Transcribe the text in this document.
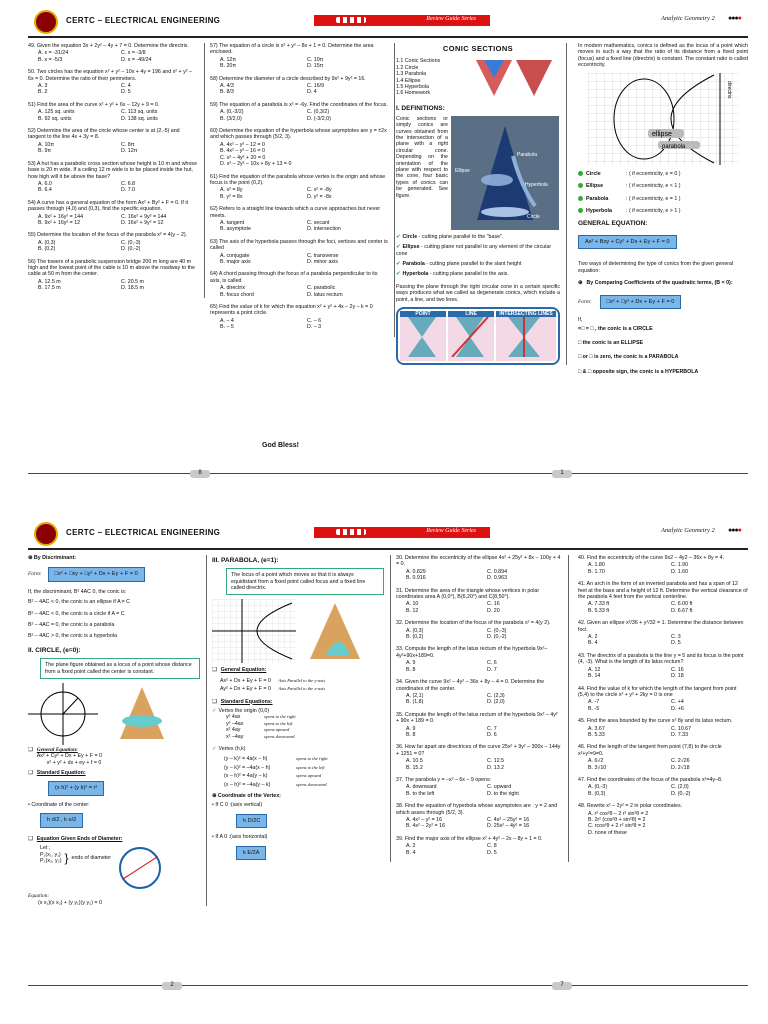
CERTC – ELECTRICAL ENGINEERING	Review Guide Series	Analytic Geometry 2 ●●●●
49. Given the equation 3x + 2y² – 4y + 7 = 0. Determine the directrix.
A. x = -31/24	C. x = -3/8
B. x = -5/3	D. x = -49/24
50. Two circles has the equation x² + y² – 10x + 4y = 196 and x² + y² – 6x = 0. Determine the ratio of their perimeters.
A. 3	C. 4
B. 2	D. 5
51) Find the area of the curve x² + y² + 6x – 12y + 9 = 0.
A. 125 sq. units	C. 113 sq. units
B. 92 sq. units	D. 138 sq. units
52) Determine the area of the circle whose center is at (2,-5) and tangent to the line 4x + 3y = 8.
A. 10π	C. 8π
B. 9π	D. 12π
53) A hut has a parabolic cross section whose height is 10 m and whose base is 20 m wide. If a ceiling 12 m wide is to be placed inside the hut, how high will it be above the base?
A. 6.0	C. 6.8
B. 6.4	D. 7.0
54) A curve has a general equation of the form Ax² + By² + F = 0. If it passes through (4,0) and (0,3), find the specific equation.
A. 9x² + 16y² = 144	C. 16x² + 9y² = 144
B. 9x² + 16y² = 12	D. 16x² + 9y² = 12
55) Determine the location of the focus of the parabola x² = 4(y – 2).
A. (0,3)	C. (0,-3)
B. (0,2)	D. (0,-2)
56) The towers of a parabolic suspension bridge 200 m long are 40 m high and the lowest point of the cable is 10 m above the roadway to the cable at 50 m from the center.
A. 12.5 m	C. 20.5 m
B. 17.5 m	D. 18.5 m
57) The equation of a circle is x² + y² – 8x + 1 = 0. Determine the area enclosed.
A. 12π	C. 10π
B. 20π	D. 15π
58) Determine the diameter of a circle described by 9x² + 9y² = 16.
A. 4/3	C. 16/9
B. 8/3	D. 4
59) The equation of a parabola is x² = -6y. Find the coordinates of the focus.
A. (0,-3/2)	C. (0,3/2)
B. (3/2,0)	D. (-3/2,0)
60) Determine the equation of the hyperbola whose asymptotes are y = ±2x and which passes through (5/2, 3).
A. 4x² – y² – 12 = 0
B. 4x² – y² – 16 = 0
C. x² – 4y² + 20 = 0
D. x² – 2y² – 10x + 8y + 13 = 0
61) Find the equation of the parabola whose vertex is the origin and whose focus is the point (0,2).
A. x² = 8y	C. x² = -8y
B. y² = 8x	D. y² = -8x
62) Refers to a straight line towards which a curve approaches but never meets.
A. tangent	C. secant
B. asymptote	D. intersection
63) The axis of the hyperbola passes through the foci, vertices and center is called
A. conjugate	C. transverse
B. major axis	D. minor axis
64) A chord passing through the focus of a parabola perpendicular to its axis, is called
A. directrix	C. parabolic
B. focus chord	D. latus rectum
65) Find the value of k for which the equation x² + y² + 4x – 2y – k = 0 represents a point circle.
A. – 4	C. – 6
B. – 5	D. – 3
God Bless!
CONIC SECTIONS
1.1 Conic Sections
1.2 Circle
1.3 Parabola
1.4 Ellipse
1.5 Hyperbola
1.6 Homework
I. DEFINITIONS:
Conic sections or simply conics are curves obtained from the intersection of a plane with a right circular cone. Depending on the orientation of the plane with respect to the cone, four basic types of conics can be generated. See figure.
Ellipse
Parabola
Circle
Hyperbola
✔ Circle - cutting plane parallel to the "base".
✔ Ellipse - cutting plane not parallel to any element of the circular cone
✔ Parabola - cutting plane parallel to the slant height
✔ Hyperbola - cutting plane parallel to the axis.
Passing the plane through the right circular cone in a certain specific ways produces what we called as degenerate conics, which include a point, a line, and two lines.
POINT	LINE	INTERSECTING LINES
In modern mathematics, conics is defined as the locus of a point which moves in such a way that the ratio of its distance from a fixed point (focus) and a fixed line (directrix) is constant. The constant ratio is called eccentricity.
ellipse
parabola
directrix
Circle	: ( if eccentricity, e = 0 )
Ellipse	: ( if eccentricity, e < 1 )
Parabola	: ( if eccentricity, e = 1 )
Hyperbola	: ( if eccentricity, e > 1 )
GENERAL EQUATION:
Ax² + Bxy + Cy² + Dx + Ey + F = 0
Two ways of determining the type of conics from the given general equation:
⊕ By Comparing Coefficients of the quadratic terms, (B = 0):
Form:	□x² + □y² + Dx + Ey + F = 0
If,
=□ = □ , the conic is a CIRCLE
□ the conic is an ELLIPSE
□ or □ is zero, the conic is a PARABOLA
□ & □ opposite sign, the conic is a HYPERBOLA
8	1
CERTC – ELECTRICAL ENGINEERING	Review Guide Series	Analytic Geometry 2 ●●●●
⊕ By Discriminant:
Form: □x² + □xy + □y² + Dx + Ey + F = 0
If, the discriminant, B² 4AC 0, the conic is:
B² – 4AC < 0, the conic is an ellipse if A ≠ C
B² – 4AC < 0, the conic is a circle if A = C
B² – 4AC = 0, the conic is a parabola
B² – 4AC > 0, the conic is a hyperbola
II. CIRCLE, (e=0):
The plane figure obtained as a locus of a point whose distance from a fixed point called the center is constant.
❑ General Equation:
Ax² + Cy² + Dx + Ey + F = 0
x² + y² + dx + ey + f = 0
❑ Standard Equation:
(x h)² + (y k)² = r²
• Coordinate of the center:
h d/2 , k e/2
❑ Equation Given Ends of Diameter:
Let ;
P₁(x₁, y₁)
P₂(x₂, y₂) } ends of diameter
Equation:
(x x₁)(x x₂) + (y y₁)(y y₂) = 0
III. PARABOLA, (e=1):
The locus of a point which moves so that it is always equidistant from a fixed point called focus and a fixed line called directrix.
❑ General Equation:
Ax² + Dx + Ey + F = 0 Axis Parallel to the y-axis
Ay² + Dx + Ey + F = 0 Axis Parallel to the x-axis
❑ Standard Equations:
✓ Vertex the origin (0,0)
y² 4ax	opens to the right
y² –4ax	opens to the left
x² 4ay	opens upward
x² –4ay	opens downward
✓ Vertex (h,k)
(y – k)² = 4a(x – h)	opens to the right
(y – k)² = –4a(x – h)	opens to the left
(x – h)² = 4a(y – k)	opens upward
(x – h)² = –4a(y – k)	opens downward
⊕ Coordinate of the Vertex:
• If C 0 :(axis vertical)
h D/2C
• If A 0 :(axis horizontal)
k E/2A
30. Determine the eccentricity of the ellipse 4x² + 25y² + 8x – 100y + 4 = 0.
A. 0.829	C. 0.894
B. 0.916	D. 0.963
31. Determine the area of the triangle whose vertices in polar coordinates area A (0,0°), B(6,20°) and C(8,50°).
A. 10	C. 16
B. 12	D. 20
32. Determine the location of the focus of the parabola x² = 4(y 2).
A. (0,3)	C. (0,-3)
B. (0,2)	D. (0,-2)
33. Compute the length of the latus rectum of the hyperbola 9x²–4y²+90x+189=0.
A. 9	C. 6
B. 8	D. 7
34. Given the curve 9x² – 4y² – 36x + 8y – 4 = 0. Determine the coordinates of the center.
A. (2,1)	C. (2,3)
B. (1,8)	D. (2,0)
35. Compute the length of the latus rectum of the hyperbola 9x² – 4y² + 90x + 189 = 0.
A. 9	C. 7
B. 8	D. 6
36. How far apart are directrices of the curve 25x² + 9y² – 300x – 144y + 1251 = 0?
A. 10.5	C. 12.5
B. 15.2	D. 13.2
37. The parabola y = –x² – 6x – 9 opens:
A. downward	C. upward
B. to the left	D. to the right
38. Find the equation of hyperbola whose asymptotes are : y = 2 and which asses through (5/2, 3).
A. 4x² – y² = 16	C. 4x² – 25y² = 16
B. 4x² – 2y² = 16	D. 25x² – 4y² = 16
39. Find the major axis of the ellipse x² + 4y² – 2x – 8y + 1 = 0.
A. 2	C. 8
B. 4	D. 5
40. Find the eccentricity of the curve 9x2 – 4y2 – 36x + 8y = 4.
A. 1.80	C. 1.90
B. 1.70	D. 1.60
41. An arch in the form of an inverted parabola and has a span of 12 feet at the base and a height of 12 ft. Determine the vertical clearance of the parabola 4 feet from the vertical centerline.
A. 7.33 ft	C. 6.00 ft
B. 5.33 ft	D. 6.67 ft
42. Given an ellipse x²/36 + y²/32 = 1. Determine the distance between foci.
A. 2	C. 3
B. 4	D. 5
43. The directrix of a parabola is the line y = 5 and its focus is the point (4, -3). What is the length of its latus rectum?
A. 12	C. 16
B. 14	D. 18
44. Find the value of k for which the length of the tangent from point (5,4) to the circle x² + y² + 2ky = 0 is one
A. -7	C. +4
B. -5	D. +6
45. Find the area bounded by the curve x² 8y and its latus rectum.
A. 3.67	C. 10.67
B. 5.33	D. 7.33
46. Find the length of the tangent from point (7,8) to the circle x²+y²=9=0.
A. 6√2	C. 2√26
B. 3√10	D. 2√18
47. Find the coordinates of the focus of the parabola x²=4y–8.
A. (0,-3)	C. (2,0)
B. (0,3)	D. (0,-2)
48. Rewrite x² – 2y² = 2 in polar coordinates.
A. r² cos²θ – 2 r² sin²θ = 2
B. 2r² (cos²θ + sin²θ) = 2
C. rcos²θ + 2 r² sin²θ = 2
D. none of these
2	7
